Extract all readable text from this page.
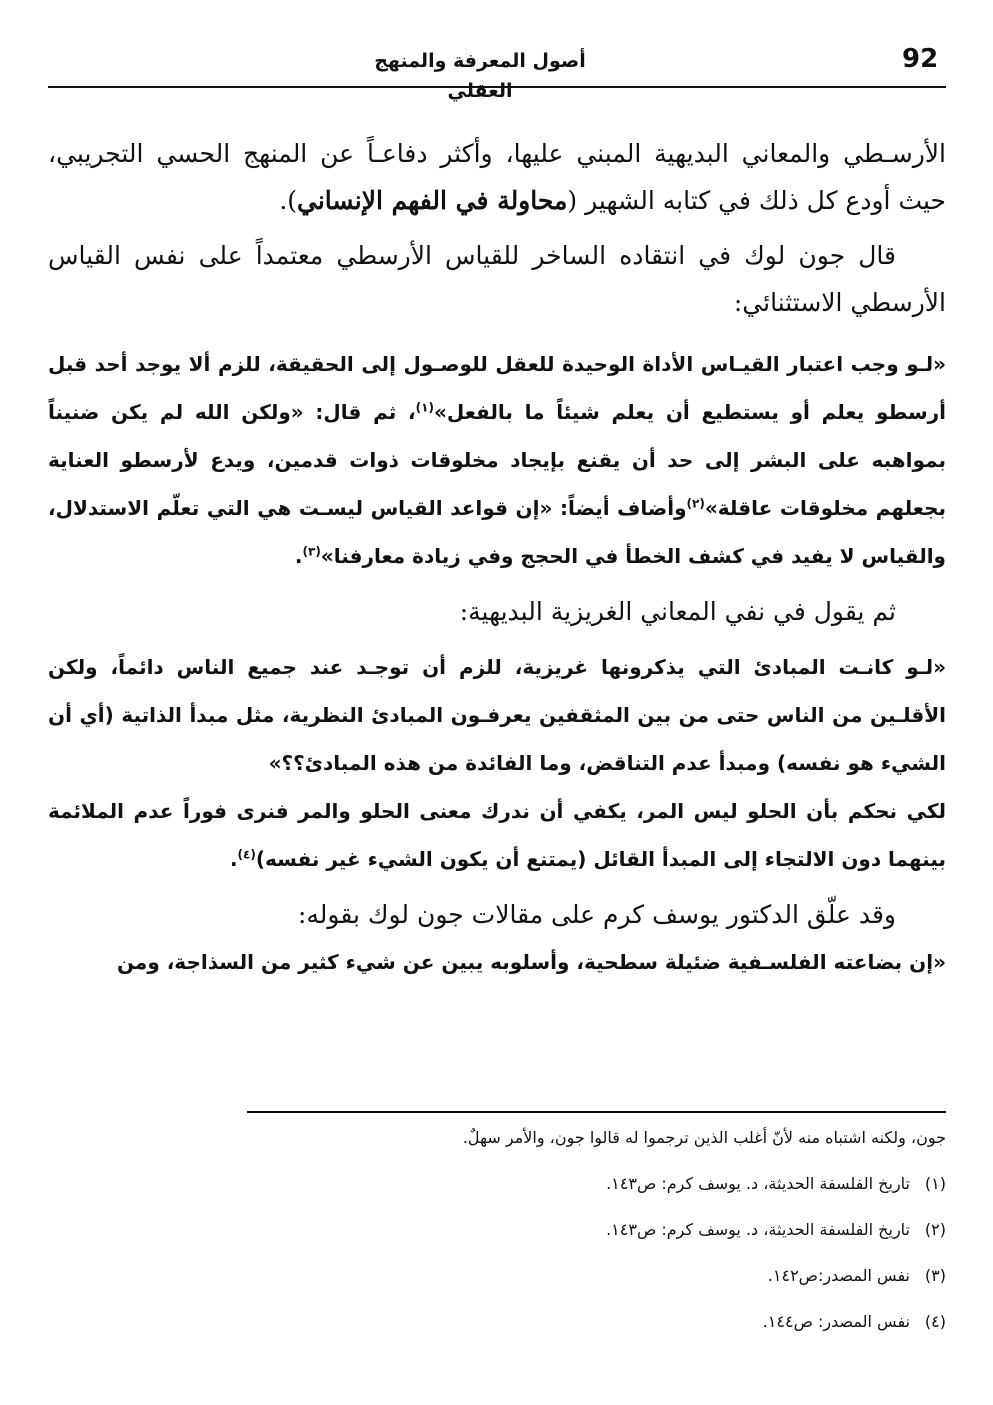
92
أصول المعرفة والمنهج العقلي

الأرسـطي والمعاني البديهية المبني عليها، وأكثر دفاعـاً عن المنهج الحسي التجريبي، حيث أودع كل ذلك في كتابه الشهير (محاولة في الفهم الإنساني).

قال جون لوك في انتقاده الساخر للقياس الأرسطي معتمداً على نفس القياس الأرسطي الاستثنائي:

«لـو وجب اعتبار القيـاس الأداة الوحيدة للعقل للوصـول إلى الحقيقة، للزم ألا يوجد أحد قبل أرسطو يعلم أو يستطيع أن يعلم شيئاً ما بالفعل»$^{(١)}$، ثم قال: «ولكن الله لم يكن ضنيناً بمواهبه على البشر إلى حد أن يقنع بإيجاد مخلوقات ذوات قدمين، ويدع لأرسطو العناية بجعلهم مخلوقات عاقلة»$^{(٢)}$وأضاف أيضاً: «إن قواعد القياس ليسـت هي التي تعلّم الاستدلال، والقياس لا يفيد في كشف الخطأ في الحجج وفي زيادة معارفنا»$^{(٣)}$.

ثم يقول في نفي المعاني الغريزية البديهية:

«لـو كانـت المبادئ التي يذكرونها غريزية، للزم أن توجـد عند جميع الناس دائماً، ولكن الأقلـين من الناس حتى من بين المثقفين يعرفـون المبادئ النظرية، مثل مبدأ الذاتية (أي أن الشيء هو نفسه) ومبدأ عدم التناقض، وما الفائدة من هذه المبادئ؟؟»

لكي نحكم بأن الحلو ليس المر، يكفي أن ندرك معنى الحلو والمر فنرى فوراً عدم الملائمة بينهما دون الالتجاء إلى المبدأ القائل (يمتنع أن يكون الشيء غير نفسه)$^{(٤)}$.

وقد علّق الدكتور يوسف كرم على مقالات جون لوك بقوله:

«إن بضاعته الفلسـفية ضئيلة سطحية، وأسلوبه يبين عن شيء كثير من السذاجة، ومن

جون، ولكنه اشتباه منه لأنّ أغلب الذين ترجموا له قالوا جون، والأمر سهلٌ.

(١)تاريخ الفلسفة الحديثة، د. يوسف كرم: ص١٤٣.

(٢)تاريخ الفلسفة الحديثة، د. يوسف كرم: ص١٤٣.

(٣)نفس المصدر:ص١٤٢.

(٤)نفس المصدر: ص١٤٤.
